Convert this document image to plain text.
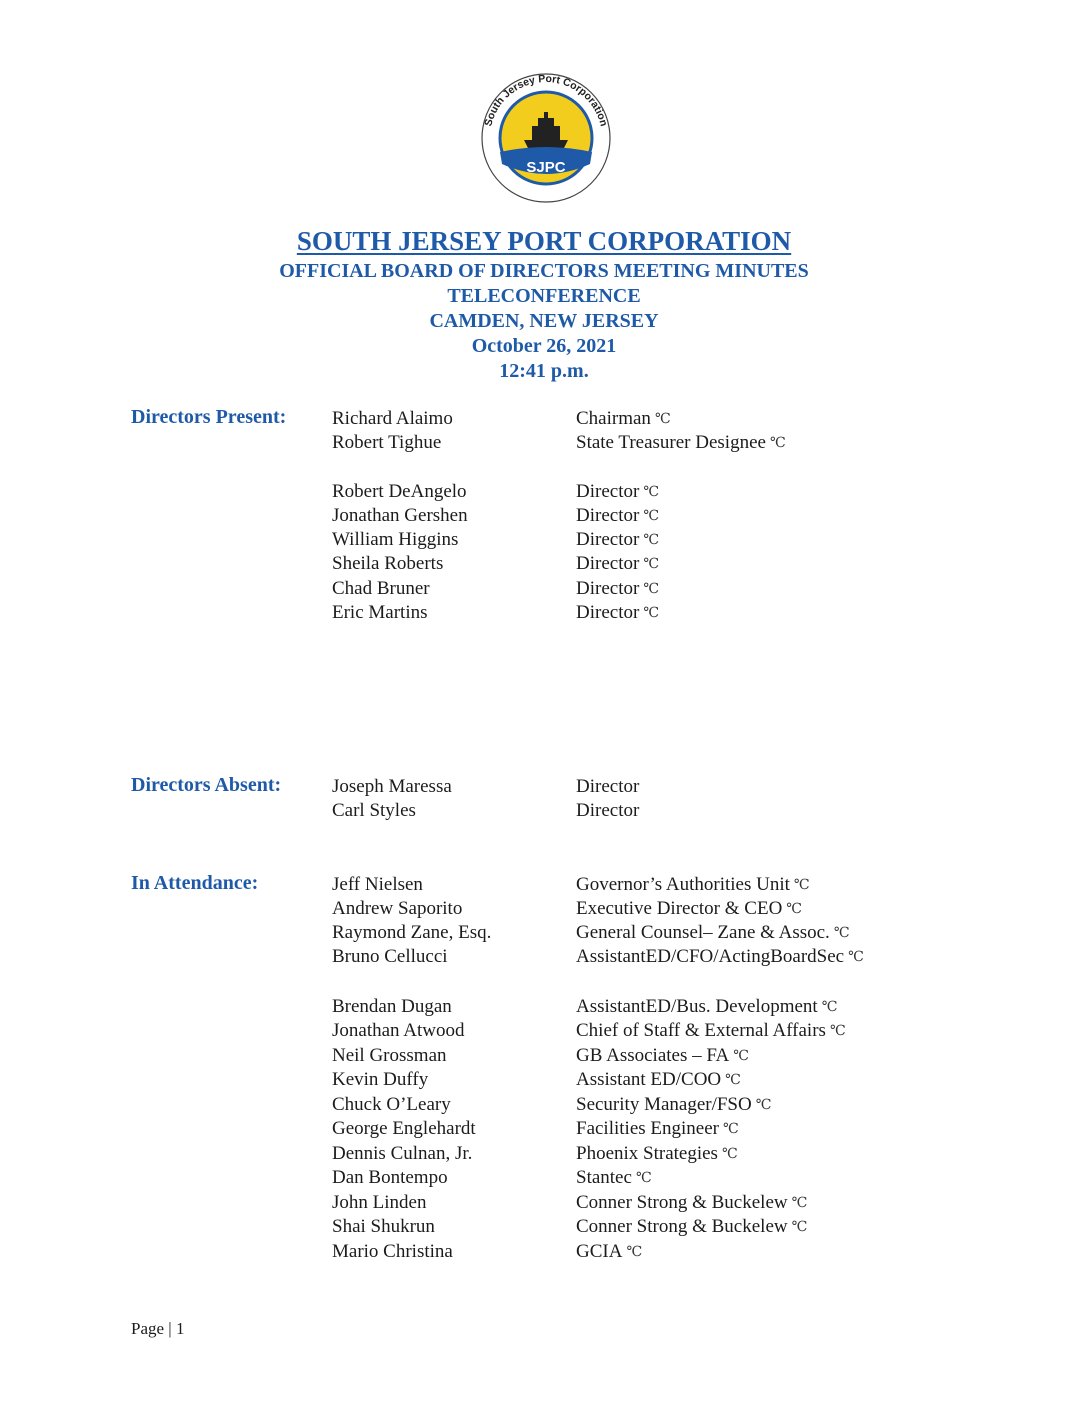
South Jersey Port Corporation
SJPC
SOUTH JERSEY PORT CORPORATION
OFFICIAL BOARD OF DIRECTORS MEETING MINUTES
TELECONFERENCE
CAMDEN, NEW JERSEY
October 26, 2021
12:41 p.m.
Directors Present: Richard Alaimo	Chairman ℃
Robert Tighue	State Treasurer Designee ℃
Robert DeAngelo	Director ℃
Jonathan Gershen	Director ℃
William Higgins	Director ℃
Sheila Roberts	Director ℃
Chad Bruner	Director ℃
Eric Martins	Director ℃
Directors Absent:	Joseph Maressa	Director
Carl Styles	Director
In Attendance:	Jeff Nielsen	Governor’s Authorities Unit ℃
Andrew Saporito	Executive Director & CEO ℃
Raymond Zane, Esq.	General Counsel– Zane & Assoc. ℃
Bruno Cellucci	AssistantED/CFO/ActingBoardSec ℃
Brendan Dugan	AssistantED/Bus. Development ℃
Jonathan Atwood	Chief of Staff & External Affairs ℃
Neil Grossman	GB Associates – FA ℃
Kevin Duffy	Assistant ED/COO ℃
Chuck O’Leary	Security Manager/FSO ℃
George Englehardt	Facilities Engineer ℃
Dennis Culnan, Jr.	Phoenix Strategies ℃
Dan Bontempo	Stantec ℃
John Linden	Conner Strong & Buckelew ℃
Shai Shukrun	Conner Strong & Buckelew ℃
Mario Christina	GCIA ℃
Page | 1
